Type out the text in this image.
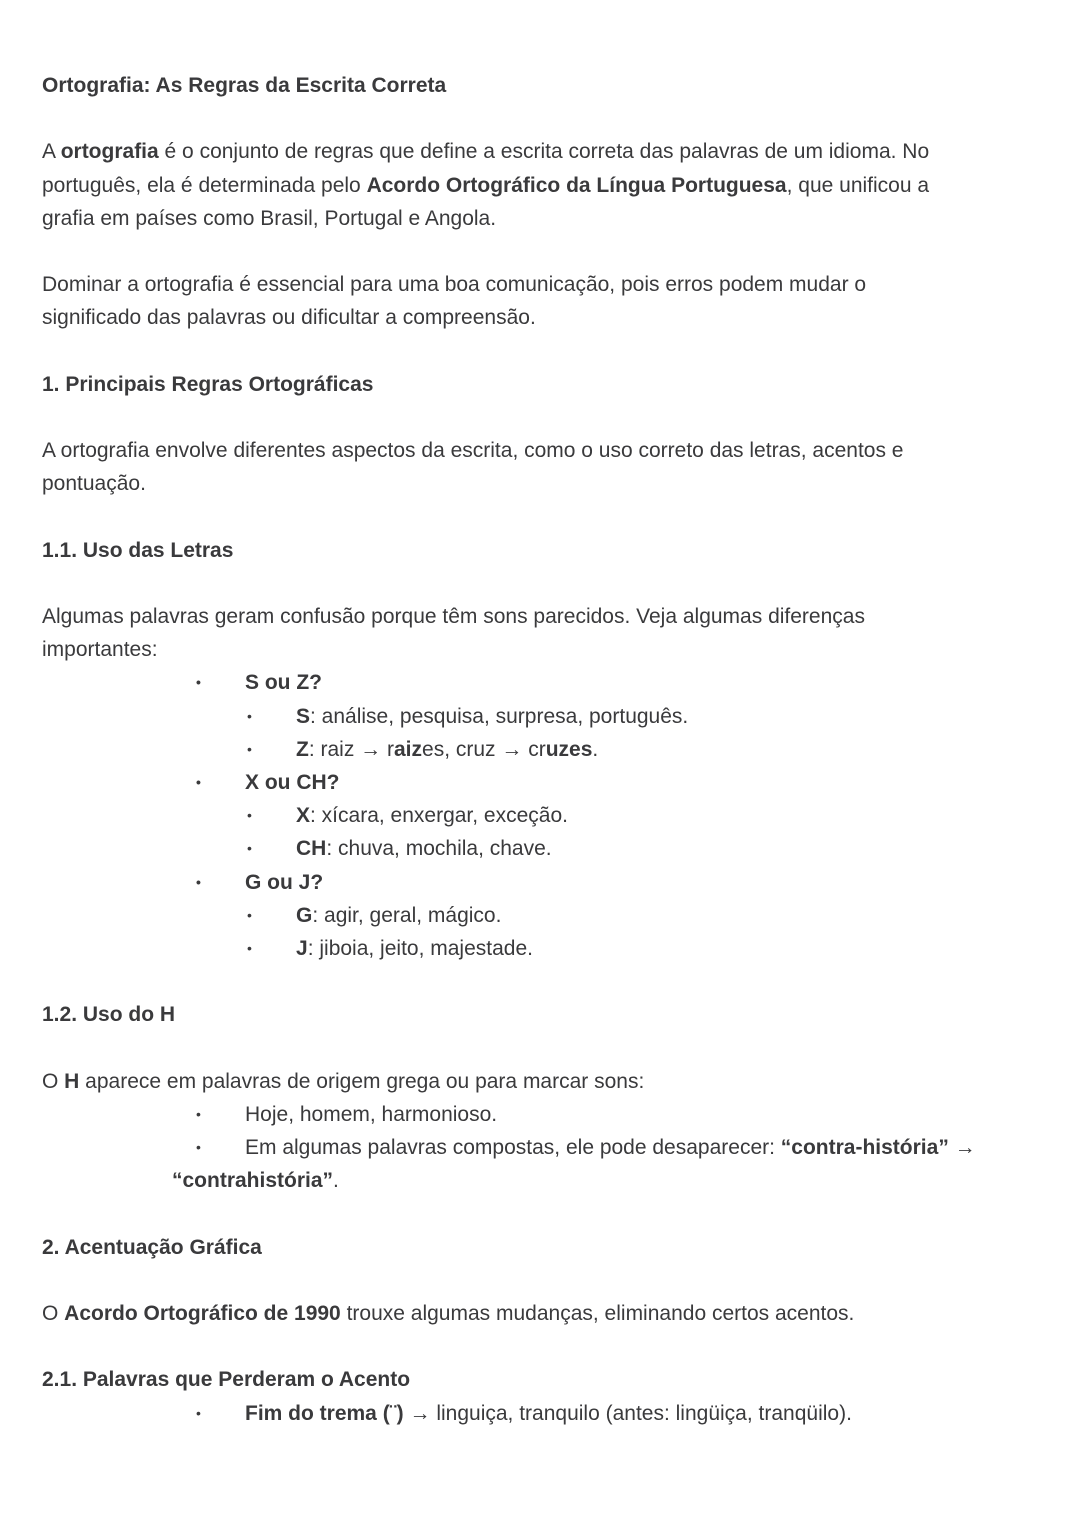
Ortografia: As Regras da Escrita Correta
A ortografia é o conjunto de regras que define a escrita correta das palavras de um idioma. No
português, ela é determinada pelo Acordo Ortográfico da Língua Portuguesa, que unificou a
grafia em países como Brasil, Portugal e Angola.
Dominar a ortografia é essencial para uma boa comunicação, pois erros podem mudar o
significado das palavras ou dificultar a compreensão.
1. Principais Regras Ortográficas
A ortografia envolve diferentes aspectos da escrita, como o uso correto das letras, acentos e
pontuação.
1.1. Uso das Letras
Algumas palavras geram confusão porque têm sons parecidos. Veja algumas diferenças
importantes:
• S ou Z?
• S: análise, pesquisa, surpresa, português.
• Z: raiz → raizes, cruz → cruzes.
• X ou CH?
• X: xícara, enxergar, exceção.
• CH: chuva, mochila, chave.
• G ou J?
• G: agir, geral, mágico.
• J: jiboia, jeito, majestade.
1.2. Uso do H
O H aparece em palavras de origem grega ou para marcar sons:
• Hoje, homem, harmonioso.
• Em algumas palavras compostas, ele pode desaparecer: “contra-história” →
“contrahistória”.
2. Acentuação Gráfica
O Acordo Ortográfico de 1990 trouxe algumas mudanças, eliminando certos acentos.
2.1. Palavras que Perderam o Acento
• Fim do trema (¨) → linguiça, tranquilo (antes: lingüiça, tranqüilo).
